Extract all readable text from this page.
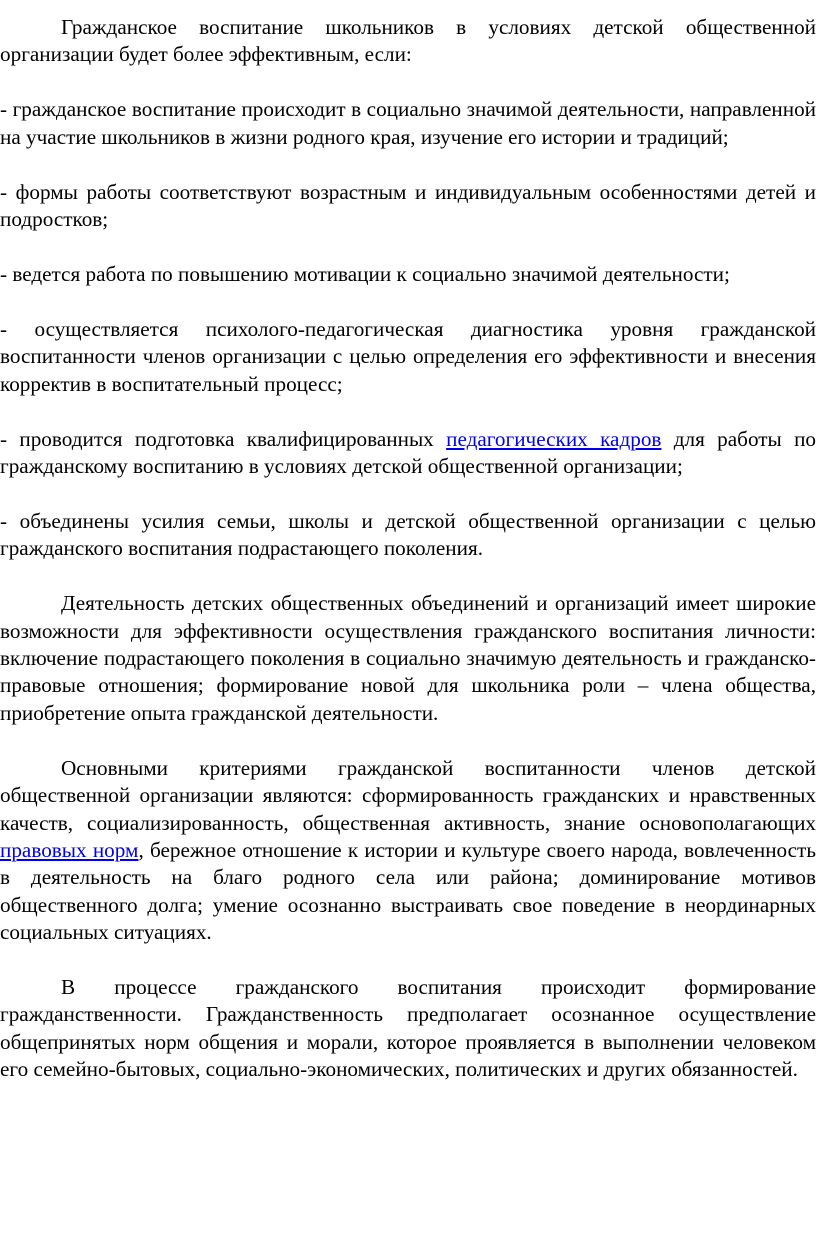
Гражданское воспитание школьников в условиях детской общественной организации будет более эффективным, если:

- гражданское воспитание происходит в социально значимой деятельности, направленной на участие школьников в жизни родного края, изучение его истории и традиций;

- формы работы соответствуют возрастным и индивидуальным особенностями детей и подростков;

- ведется работа по повышению мотивации к социально значимой деятельности;

- осуществляется психолого-педагогическая диагностика уровня гражданской воспитанности членов организации с целью определения его эффективности и внесения корректив в воспитательный процесс;

- проводится подготовка квалифицированных педагогических кадров для работы по гражданскому воспитанию в условиях детской общественной организации;

- объединены усилия семьи, школы и детской общественной организации с целью гражданского воспитания подрастающего поколения.

Деятельность детских общественных объединений и организаций имеет широкие возможности для эффективности осуществления гражданского воспитания личности: включение подрастающего поколения в социально значимую деятельность и гражданско-правовые отношения; формирование новой для школьника роли – члена общества, приобретение опыта гражданской деятельности.

Основными критериями гражданской воспитанности членов детской общественной организации являются: сформированность гражданских и нравственных качеств, социализированность, общественная активность, знание основополагающих правовых норм, бережное отношение к истории и культуре своего народа, вовлеченность в деятельность на благо родного села или района; доминирование мотивов общественного долга; умение осознанно выстраивать свое поведение в неординарных социальных ситуациях.

В процессе гражданского воспитания происходит формирование гражданственности. Гражданственность предполагает осознанное осуществление общепринятых норм общения и морали, которое проявляется в выполнении человеком его семейно-бытовых, социально-экономических, политических и других обязанностей.
